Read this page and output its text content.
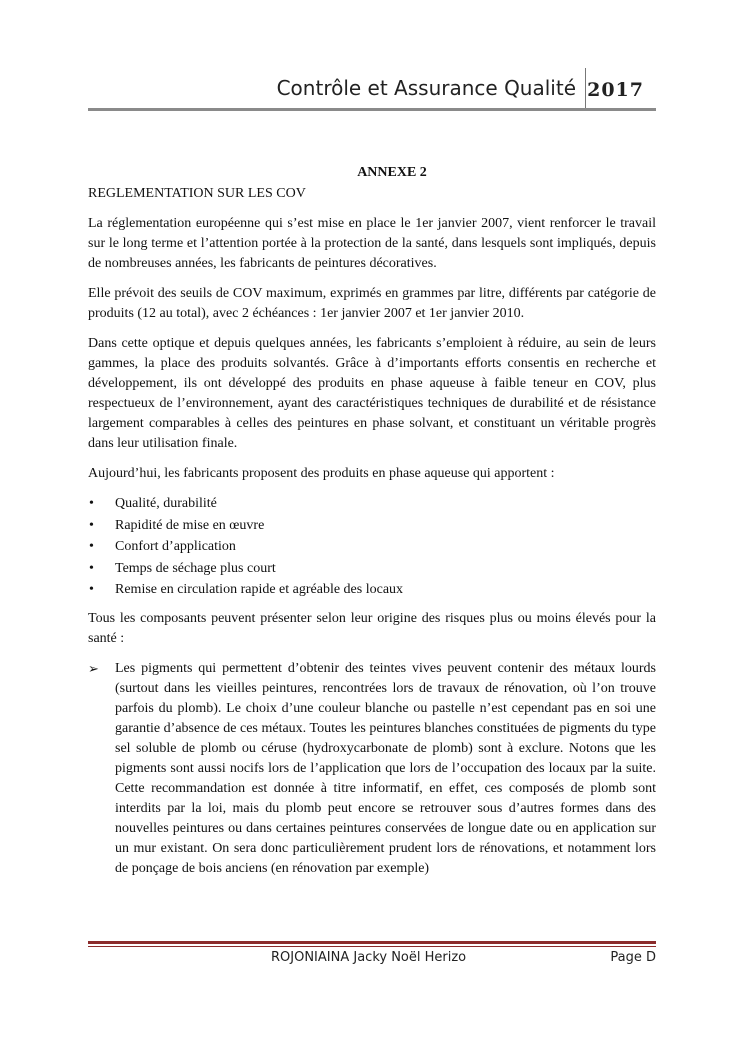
Contrôle et Assurance Qualité 2017

ANNEXE 2

REGLEMENTATION SUR LES COV

La réglementation européenne qui s’est mise en place le 1er janvier 2007, vient renforcer le travail sur le long terme et l’attention portée à la protection de la santé, dans lesquels sont impliqués, depuis de nombreuses années, les fabricants de peintures décoratives.

Elle prévoit des seuils de COV maximum, exprimés en grammes par litre, différents par catégorie de produits (12 au total), avec 2 échéances : 1er janvier 2007 et 1er janvier 2010.

Dans cette optique et depuis quelques années, les fabricants s’emploient à réduire, au sein de leurs gammes, la place des produits solvantés. Grâce à d’importants efforts consentis en recherche et développement, ils ont développé des produits en phase aqueuse à faible teneur en COV, plus respectueux de l’environnement, ayant des caractéristiques techniques de durabilité et de résistance largement comparables à celles des peintures en phase solvant, et constituant un véritable progrès dans leur utilisation finale.

Aujourd’hui, les fabricants proposent des produits en phase aqueuse qui apportent :

• Qualité, durabilité
• Rapidité de mise en œuvre
• Confort d’application
• Temps de séchage plus court
• Remise en circulation rapide et agréable des locaux

Tous les composants peuvent présenter selon leur origine des risques plus ou moins élevés pour la santé :

➢ Les pigments qui permettent d’obtenir des teintes vives peuvent contenir des métaux lourds (surtout dans les vieilles peintures, rencontrées lors de travaux de rénovation, où l’on trouve parfois du plomb). Le choix d’une couleur blanche ou pastelle n’est cependant pas en soi une garantie d’absence de ces métaux. Toutes les peintures blanches constituées de pigments du type sel soluble de plomb ou céruse (hydroxycarbonate de plomb) sont à exclure. Notons que les pigments sont aussi nocifs lors de l’application que lors de l’occupation des locaux par la suite. Cette recommandation est donnée à titre informatif, en effet, ces composés de plomb sont interdits par la loi, mais du plomb peut encore se retrouver sous d’autres formes dans des nouvelles peintures ou dans certaines peintures conservées de longue date ou en application sur un mur existant. On sera donc particulièrement prudent lors de rénovations, et notamment lors de ponçage de bois anciens (en rénovation par exemple)
ROJONIAINA Jacky Noël Herizo	Page D
